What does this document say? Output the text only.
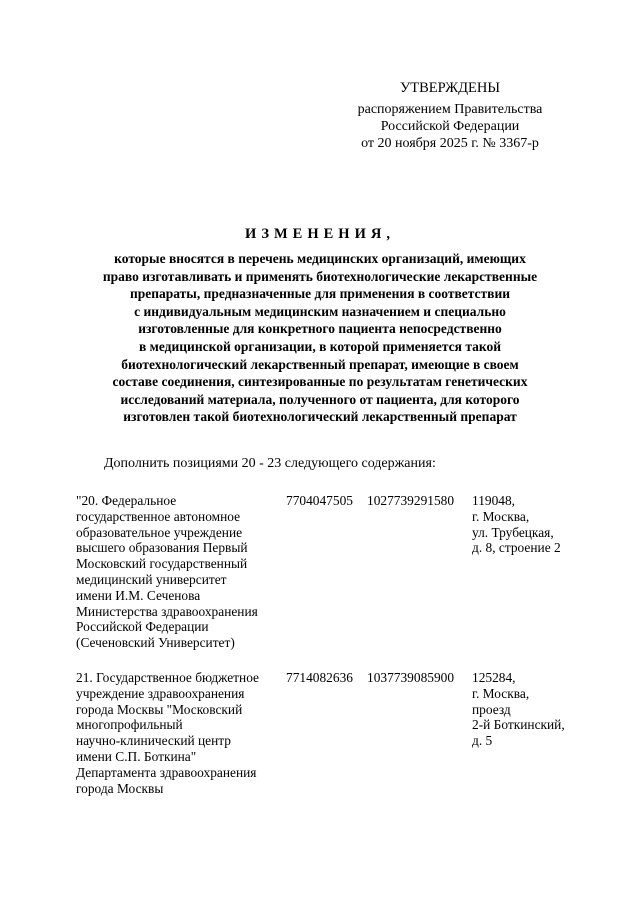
УТВЕРЖДЕНЫ
распоряжением Правительства
Российской Федерации
от 20 ноября 2025 г. № 3367-р
ИЗМЕНЕНИЯ,
которые вносятся в перечень медицинских организаций, имеющих
право изготавливать и применять биотехнологические лекарственные
препараты, предназначенные для применения в соответствии
с индивидуальным медицинским назначением и специально
изготовленные для конкретного пациента непосредственно
в медицинской организации, в которой применяется такой
биотехнологический лекарственный препарат, имеющие в своем
составе соединения, синтезированные по результатам генетических
исследований материала, полученного от пациента, для которого
изготовлен такой биотехнологический лекарственный препарат
Дополнить позициями 20 - 23 следующего содержания:
"20. Федеральное
государственное автономное
образовательное учреждение
высшего образования Первый
Московский государственный
медицинский университет
имени И.М. Сеченова
Министерства здравоохранения
Российской Федерации
(Сеченовский Университет)
7704047505 1027739291580 119048,
г. Москва,
ул. Трубецкая,
д. 8, строение 2
21. Государственное бюджетное
учреждение здравоохранения
города Москвы "Московский
многопрофильный
научно-клинический центр
имени С.П. Боткина"
Департамента здравоохранения
города Москвы
7714082636 1037739085900 125284,
г. Москва,
проезд
2-й Боткинский,
д. 5
